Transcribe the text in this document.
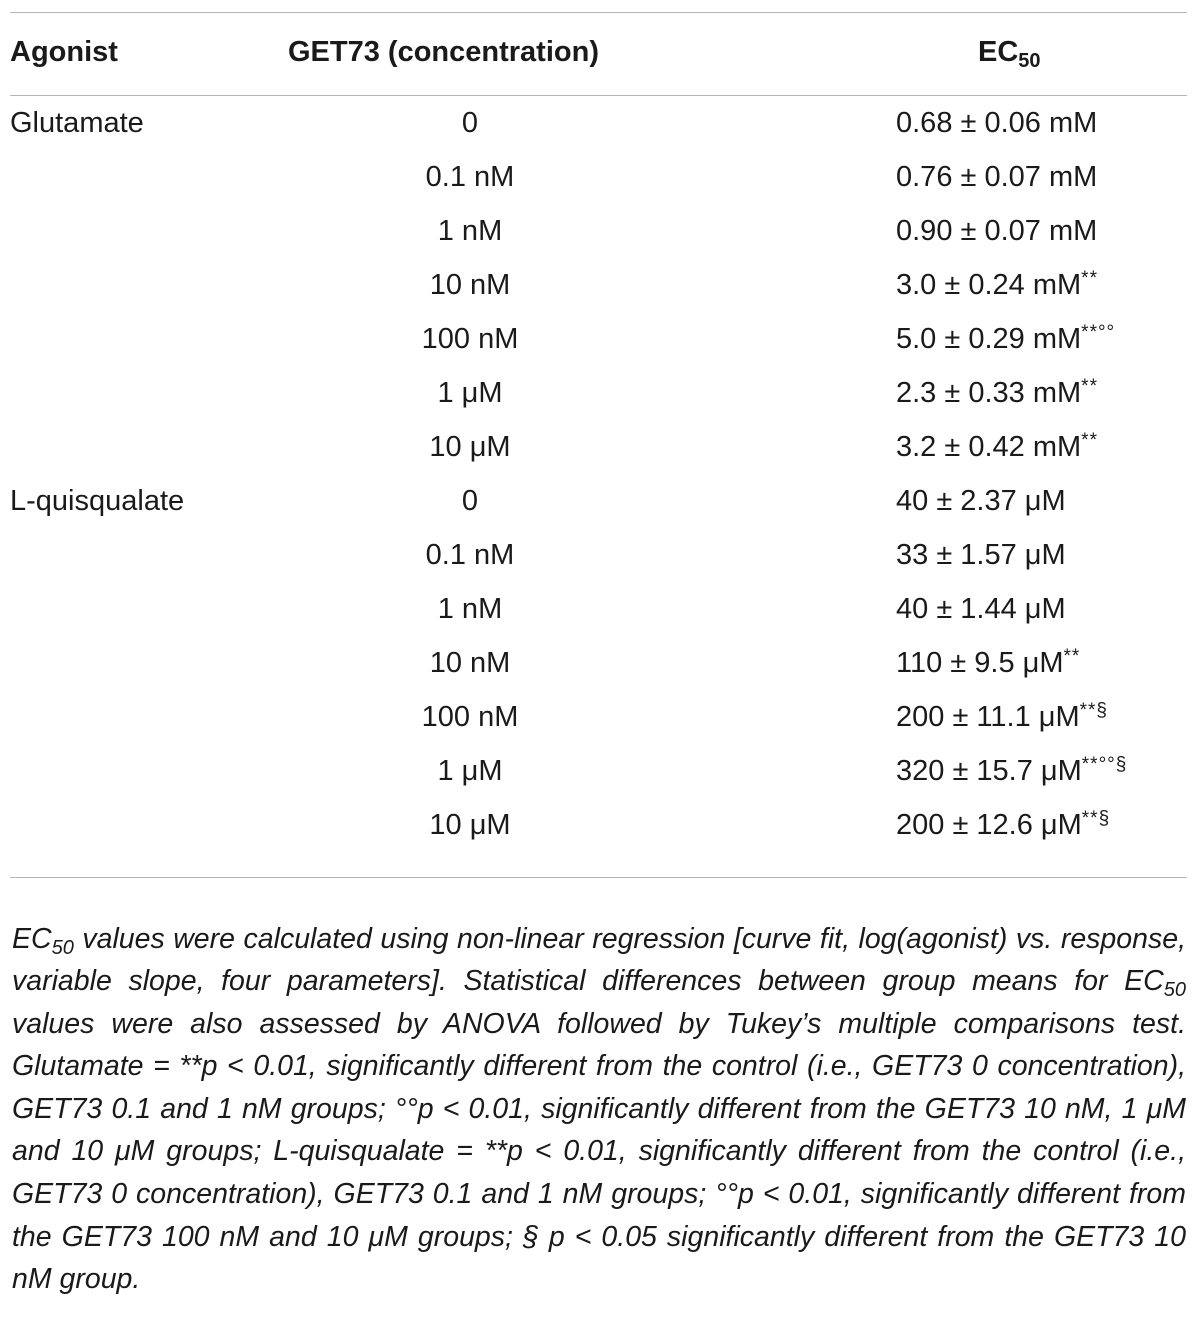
Agonist	GET73 (concentration)	$EC_{50}$
Glutamate	0	0.68 ± 0.06 mM
	0.1 nM	0.76 ± 0.07 mM
	1 nM	0.90 ± 0.07 mM
	10 nM	3.0 ± 0.24 mM**
	100 nM	5.0 ± 0.29 mM**°°
	1 μM	2.3 ± 0.33 mM**
	10 μM	3.2 ± 0.42 mM**
L-quisqualate	0	40 ± 2.37 μM
	0.1 nM	33 ± 1.57 μM
	1 nM	40 ± 1.44 μM
	10 nM	110 ± 9.5 μM**
	100 nM	200 ± 11.1 μM**§
	1 μM	320 ± 15.7 μM**°°§
	10 μM	200 ± 12.6 μM**§

$EC_{50}$ values were calculated using non-linear regression [curve fit, log(agonist) vs. response, variable slope, four parameters]. Statistical differences between group means for $EC_{50}$ values were also assessed by ANOVA followed by Tukey’s multiple comparisons test. Glutamate = **p < 0.01, significantly different from the control (i.e., GET73 0 concentration), GET73 0.1 and 1 nM groups; °°p < 0.01, significantly different from the GET73 10 nM, 1 μM and 10 μM groups; L-quisqualate = **p < 0.01, significantly different from the control (i.e., GET73 0 concentration), GET73 0.1 and 1 nM groups; °°p < 0.01, significantly different from the GET73 100 nM and 10 μM groups; § p < 0.05 significantly different from the GET73 10 nM group.
